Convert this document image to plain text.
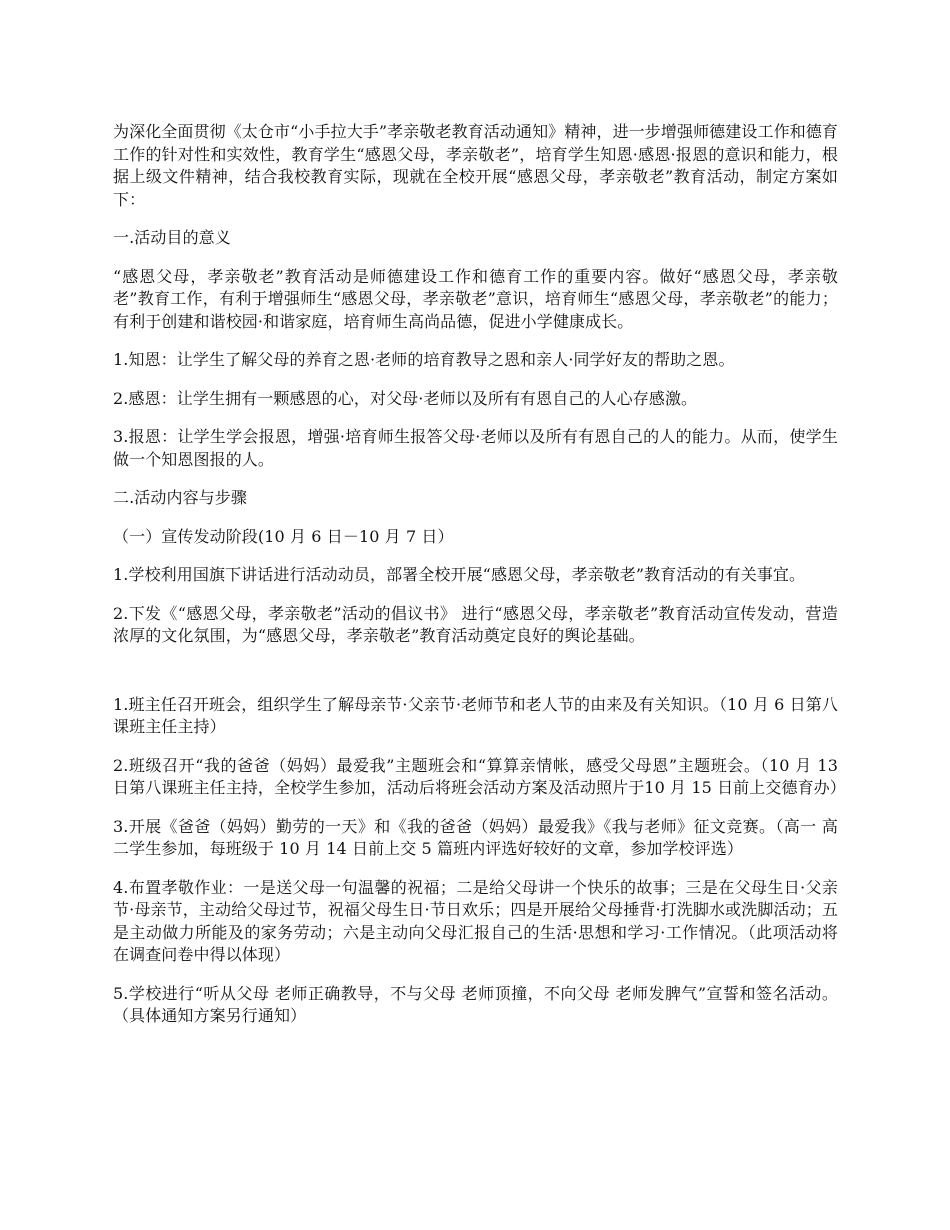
为深化全面贯彻《太仓市“小手拉大手”孝亲敬老教育活动通知》精神，进一步增强师德建设工作和德育工作的针对性和实效性，教育学生“感恩父母，孝亲敬老”，培育学生知恩·感恩·报恩的意识和能力，根据上级文件精神，结合我校教育实际，现就在全校开展“感恩父母，孝亲敬老”教育活动，制定方案如下：

一.活动目的意义

“感恩父母，孝亲敬老”教育活动是师德建设工作和德育工作的重要内容。做好“感恩父母，孝亲敬老”教育工作，有利于增强师生“感恩父母，孝亲敬老”意识，培育师生“感恩父母，孝亲敬老”的能力；有利于创建和谐校园·和谐家庭，培育师生高尚品德，促进小学健康成长。

1.知恩：让学生了解父母的养育之恩·老师的培育教导之恩和亲人·同学好友的帮助之恩。

2.感恩：让学生拥有一颗感恩的心，对父母·老师以及所有有恩自己的人心存感激。

3.报恩：让学生学会报恩，增强·培育师生报答父母·老师以及所有有恩自己的人的能力。从而，使学生做一个知恩图报的人。

二.活动内容与步骤

（一）宣传发动阶段(10 月 6 日－10 月 7 日）

1.学校利用国旗下讲话进行活动动员，部署全校开展“感恩父母，孝亲敬老”教育活动的有关事宜。

2.下发《“感恩父母，孝亲敬老”活动的倡议书》 进行“感恩父母，孝亲敬老”教育活动宣传发动，营造浓厚的文化氛围，为“感恩父母，孝亲敬老”教育活动奠定良好的舆论基础。

1.班主任召开班会，组织学生了解母亲节·父亲节·老师节和老人节的由来及有关知识。（10 月 6 日第八课班主任主持）

2.班级召开“我的爸爸（妈妈）最爱我”主题班会和“算算亲情帐，感受父母恩”主题班会。（10 月 13 日第八课班主任主持，全校学生参加，活动后将班会活动方案及活动照片于10 月 15 日前上交德育办）

3.开展《爸爸（妈妈）勤劳的一天》和《我的爸爸（妈妈）最爱我》《我与老师》征文竞赛。（高一 高二学生参加，每班级于 10 月 14 日前上交 5 篇班内评选好较好的文章，参加学校评选）

4.布置孝敬作业：一是送父母一句温馨的祝福；二是给父母讲一个快乐的故事；三是在父母生日·父亲节·母亲节，主动给父母过节，祝福父母生日·节日欢乐；四是开展给父母捶背·打洗脚水或洗脚活动；五是主动做力所能及的家务劳动；六是主动向父母汇报自己的生活·思想和学习·工作情况。（此项活动将在调查问卷中得以体现）

5.学校进行“听从父母 老师正确教导，不与父母 老师顶撞，不向父母 老师发脾气”宣誓和签名活动。（具体通知方案另行通知）
